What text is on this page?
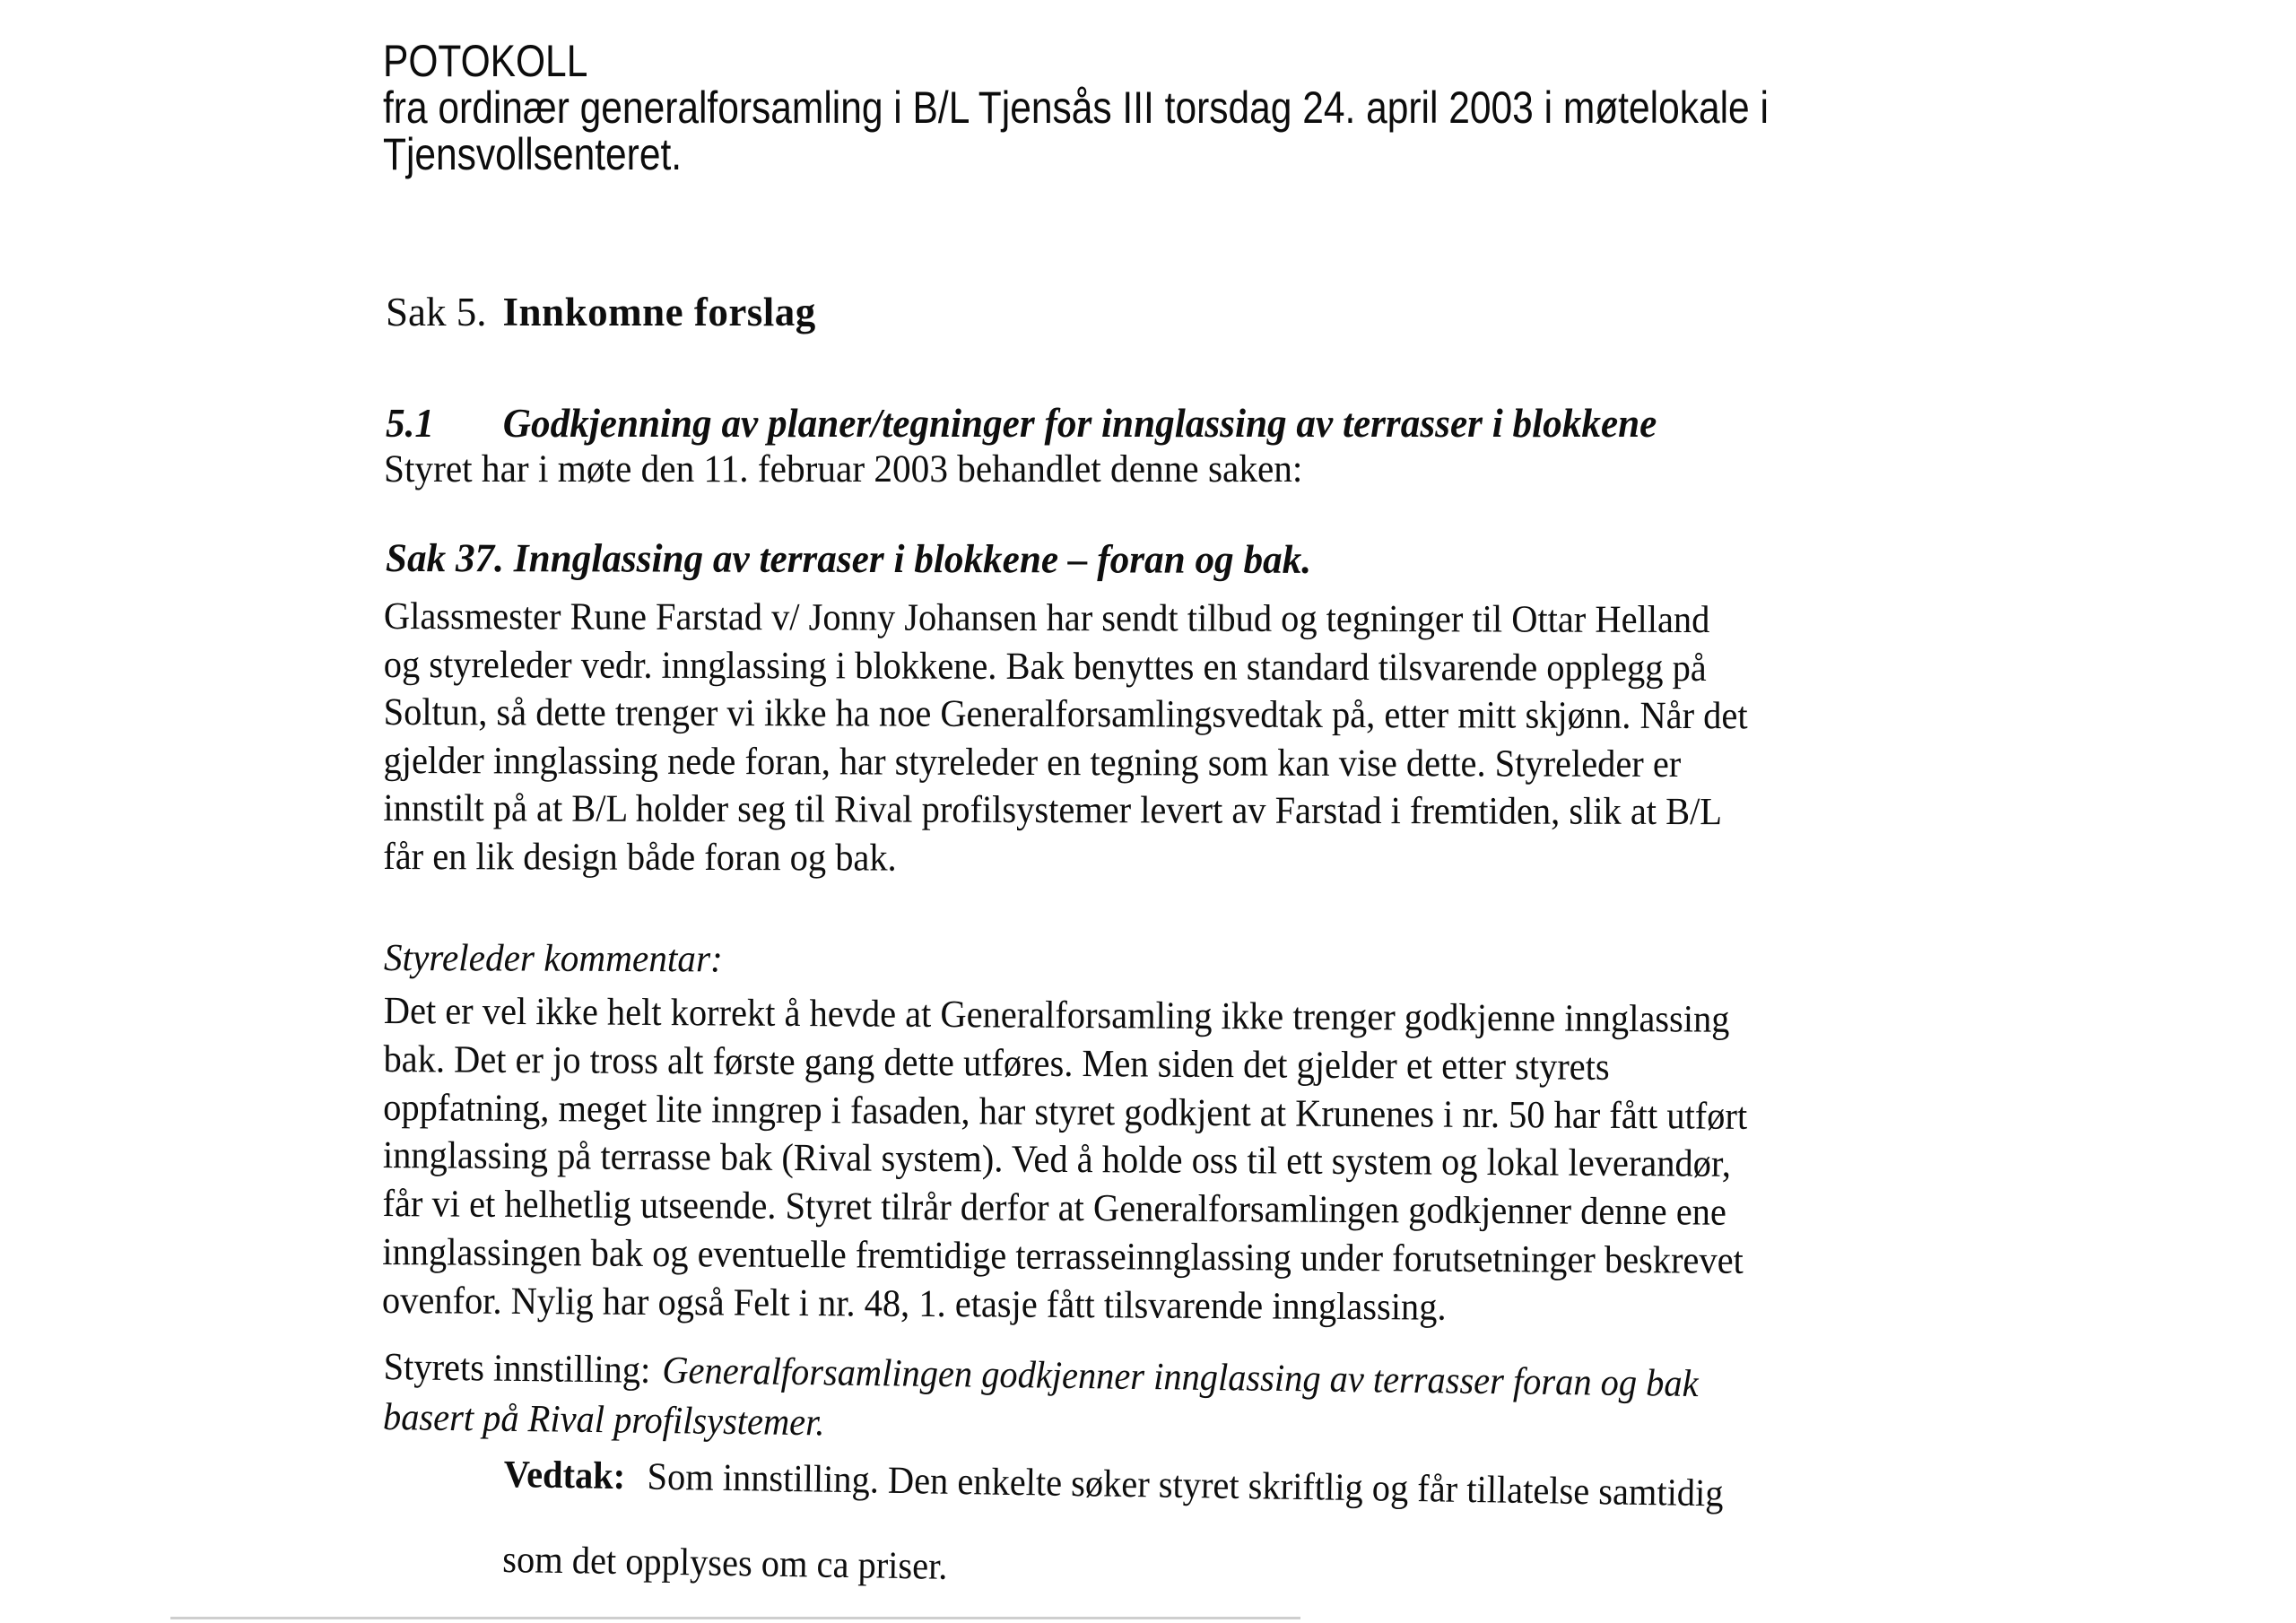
POTOKOLL
fra ordinær generalforsamling i B/L Tjensås III torsdag 24. april 2003 i møtelokale i
Tjensvollsenteret.
Sak 5. Innkomne forslag
5.1 Godkjenning av planer/tegninger for innglassing av terrasser i blokkene
Styret har i møte den 11. februar 2003 behandlet denne saken:
Sak 37. Innglassing av terraser i blokkene – foran og bak.
Glassmester Rune Farstad v/ Jonny Johansen har sendt tilbud og tegninger til Ottar Helland
og styreleder vedr. innglassing i blokkene. Bak benyttes en standard tilsvarende opplegg på
Soltun, så dette trenger vi ikke ha noe Generalforsamlingsvedtak på, etter mitt skjønn. Når det
gjelder innglassing nede foran, har styreleder en tegning som kan vise dette. Styreleder er
innstilt på at B/L holder seg til Rival profilsystemer levert av Farstad i fremtiden, slik at B/L
får en lik design både foran og bak.
Styreleder kommentar:
Det er vel ikke helt korrekt å hevde at Generalforsamling ikke trenger godkjenne innglassing
bak. Det er jo tross alt første gang dette utføres. Men siden det gjelder et etter styrets
oppfatning, meget lite inngrep i fasaden, har styret godkjent at Krunenes i nr. 50 har fått utført
innglassing på terrasse bak (Rival system). Ved å holde oss til ett system og lokal leverandør,
får vi et helhetlig utseende. Styret tilrår derfor at Generalforsamlingen godkjenner denne ene
innglassingen bak og eventuelle fremtidige terrasseinnglassing under forutsetninger beskrevet
ovenfor. Nylig har også Felt i nr. 48, 1. etasje fått tilsvarende innglassing.
Styrets innstilling: Generalforsamlingen godkjenner innglassing av terrasser foran og bak
basert på Rival profilsystemer.
Vedtak: Som innstilling. Den enkelte søker styret skriftlig og får tillatelse samtidig
som det opplyses om ca priser.
